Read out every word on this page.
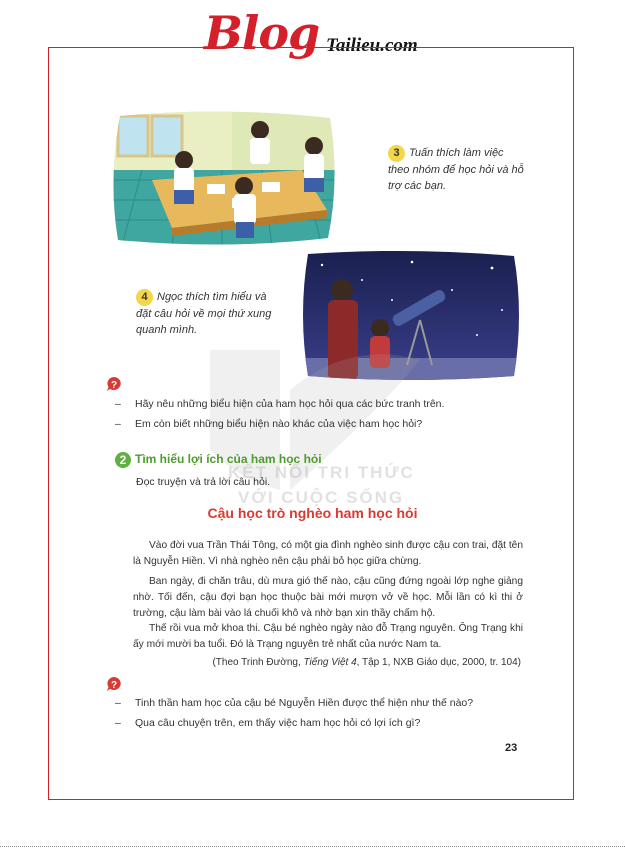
Blog Tailieu.com
3 Tuấn thích làm việc theo nhóm để học hỏi và hỗ trợ các bạn.
4 Ngọc thích tìm hiểu và đặt câu hỏi về mọi thứ xung quanh mình.
KẾT NỐI TRI THỨC
VỚI CUỘC SỐNG
?
– Hãy nêu những biểu hiện của ham học hỏi qua các bức tranh trên.
– Em còn biết những biểu hiện nào khác của việc ham học hỏi?
2 Tìm hiểu lợi ích của ham học hỏi
Đọc truyện và trả lời câu hỏi.
Cậu học trò nghèo ham học hỏi
Vào đời vua Trần Thái Tông, có một gia đình nghèo sinh được cậu con trai, đặt tên là Nguyễn Hiền. Vì nhà nghèo nên cậu phải bỏ học giữa chừng.
Ban ngày, đi chăn trâu, dù mưa gió thế nào, cậu cũng đứng ngoài lớp nghe giảng nhờ. Tối đến, cậu đợi bạn học thuộc bài mới mượn vở về học. Mỗi lần có kì thi ở trường, cậu làm bài vào lá chuối khô và nhờ bạn xin thầy chấm hộ.
Thế rồi vua mở khoa thi. Cậu bé nghèo ngày nào đỗ Trạng nguyên. Ông Trạng khi ấy mới mười ba tuổi. Đó là Trạng nguyên trẻ nhất của nước Nam ta.
(Theo Trinh Đường, Tiếng Việt 4, Tập 1, NXB Giáo dục, 2000, tr. 104)
?
– Tinh thần ham học của cậu bé Nguyễn Hiền được thể hiện như thế nào?
– Qua câu chuyện trên, em thấy việc ham học hỏi có lợi ích gì?
23
